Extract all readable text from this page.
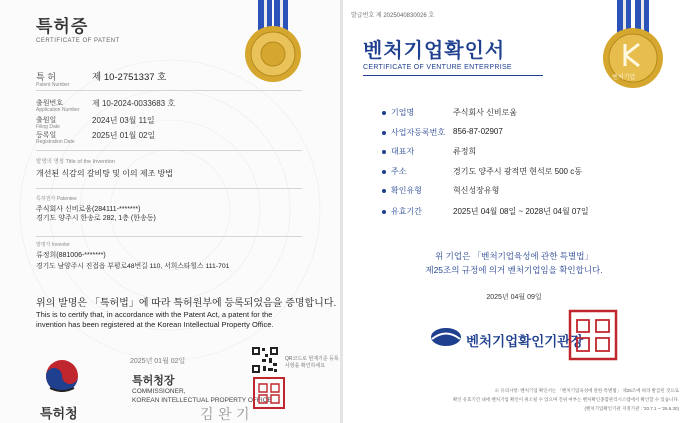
특허증
CERTIFICATE OF PATENT
특 허
Patent Number
제 10-2751337 호
출원번호
Application Number
제 10-2024-0033683 호
출원일
Filing Date
2024년 03월 11일
등록일
Registration Date
2025년 01월 02일
발명의 명칭 Title of the Invention
개선된 식감의 갈비탕 및 이의 제조 방법
특허권자 Patentee
주식회사 신비로움(284111-*******)
경기도 양주시 한송로 282, 1층 (한송동)
발명자 Inventor
류정희(881006-*******)
경기도 남양주시 진접읍 부평로48번길 110, 서희스타힐스 111-701
위의 발명은 「특허법」에 따라 특허원부에 등록되었음을 증명합니다.
This is to certify that, in accordance with the Patent Act, a patent for the
invention has been registered at the Korean Intellectual Property Office.
특허청
2025년 01월 02일	QR코드로 현재기준 등록사항을 확인하세요
특허청장
COMMISSIONER,
KOREAN INTELLECTUAL PROPERTY OFFICE
김 완 기
발급번호 제 2025040830026 호
벤처기업확인서
CERTIFICATE OF VENTURE ENTERPRISE
벤처기업
기업명	주식회사 신비로움
사업자등록번호 856-87-02907
대표자	류정희
주소	경기도 양주시 광적면 현석로 500 c동
확인유형	혁신성장유형
유효기간	2025년 04월 08일 ~ 2028년 04월 07일
위 기업은 「벤처기업육성에 관한 특별법」
제25조의 규정에 의거 벤처기업임을 확인합니다.
2025년 04월 09일
벤처기업확인기관장
※ 유의사항: 벤처기업 확인서는 「벤처기업육성에 관한 특별법」 제25조에 따라 발급된 것으로
확인 유효기간 내에 벤처기업 확인이 취소될 수 있으며 진위 여부는 벤처확인종합관리시스템에서 확인할 수 있습니다.
(벤처기업확인기관 지정기관 : '20.7.1 ~ '26.6.30)
